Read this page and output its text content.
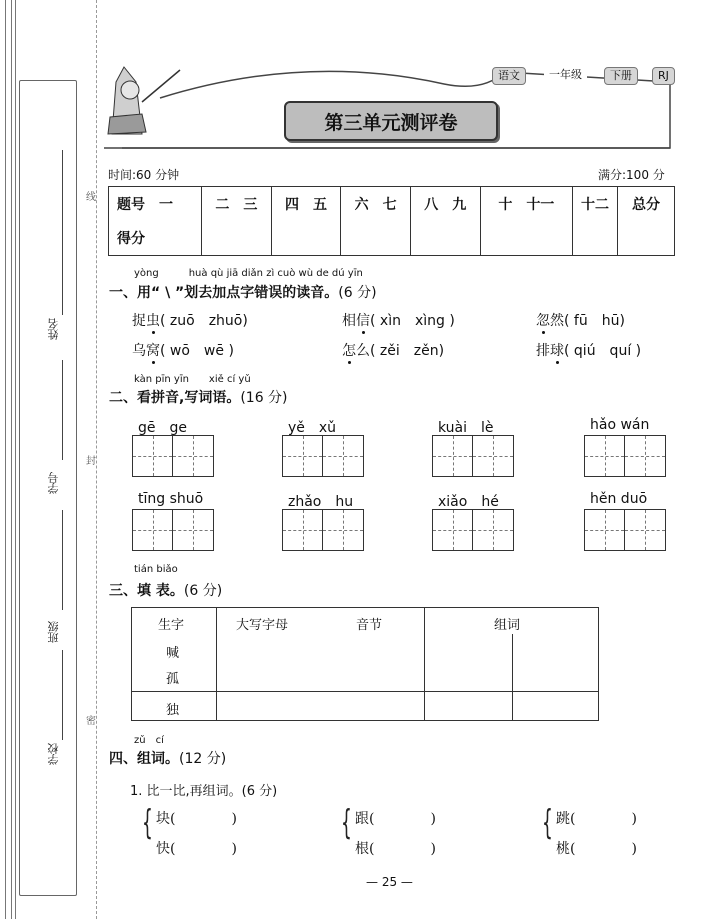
姓名
学号
班级
学校
线
封
密
第三单元测评卷
语文	一年级	下册	RJ
时间:60 分钟	满分:100 分
题号　 一	二　 三	四　 五	六　 七	八　 九	十　 十一	十二	总分
得分							
yòng　　　huà qù jiā diǎn zì cuò wù de dú yīn
一、用“ \ ”划去加点字错误的读音。(6 分)
捉虫( zuō　zhuō)	相信( xìn　xìng )	忽然( fū　hū)
乌窝( wō　wē )	怎么( zěi　zěn)	排球( qiú　quí )
kàn pīn yīn　　xiě cí yǔ
二、看拼音,写词语。(16 分)
gē　ge	yě　xǔ	kuài　lè	hǎo wán
tīng shuō	zhǎo　hu	xiǎo　hé	hěn duō
tián biǎo
三、填 表。(6 分)
生字	大写字母	音节	组词
喊
孤
独
zǔ　cí
四、组词。(12 分)
1. 比一比,再组词。(6 分)
{ 块(	)
快(	)
{ 跟(	)
根(	)
{ 跳(	)
桃(	)
— 25 —
